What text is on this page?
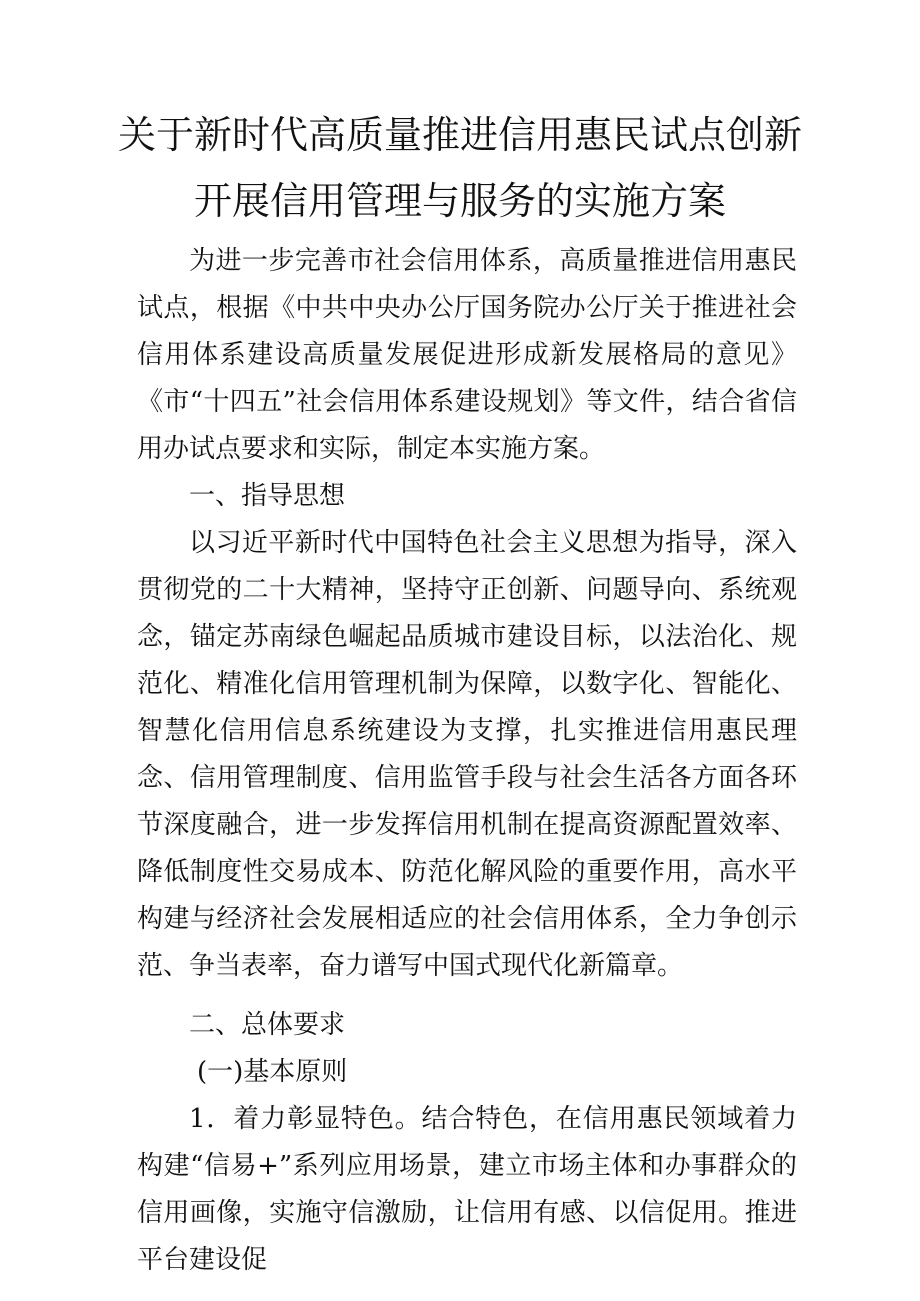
关于新时代高质量推进信用惠民试点创新
开展信用管理与服务的实施方案

为进一步完善市社会信用体系，高质量推进信用惠民试点，根据《中共中央办公厅国务院办公厅关于推进社会信用体系建设高质量发展促进形成新发展格局的意见》《市“十四五”社会信用体系建设规划》等文件，结合省信用办试点要求和实际，制定本实施方案。

一、指导思想

以习近平新时代中国特色社会主义思想为指导，深入贯彻党的二十大精神，坚持守正创新、问题导向、系统观念，锚定苏南绿色崛起品质城市建设目标，以法治化、规范化、精准化信用管理机制为保障，以数字化、智能化、智慧化信用信息系统建设为支撑，扎实推进信用惠民理念、信用管理制度、信用监管手段与社会生活各方面各环节深度融合，进一步发挥信用机制在提高资源配置效率、降低制度性交易成本、防范化解风险的重要作用，高水平构建与经济社会发展相适应的社会信用体系，全力争创示范、争当表率，奋力谱写中国式现代化新篇章。

二、总体要求

(一)基本原则

1．着力彰显特色。结合特色，在信用惠民领域着力构建“信易+”系列应用场景，建立市场主体和办事群众的信用画像，实施守信激励，让信用有感、以信促用。推进平台建设促
